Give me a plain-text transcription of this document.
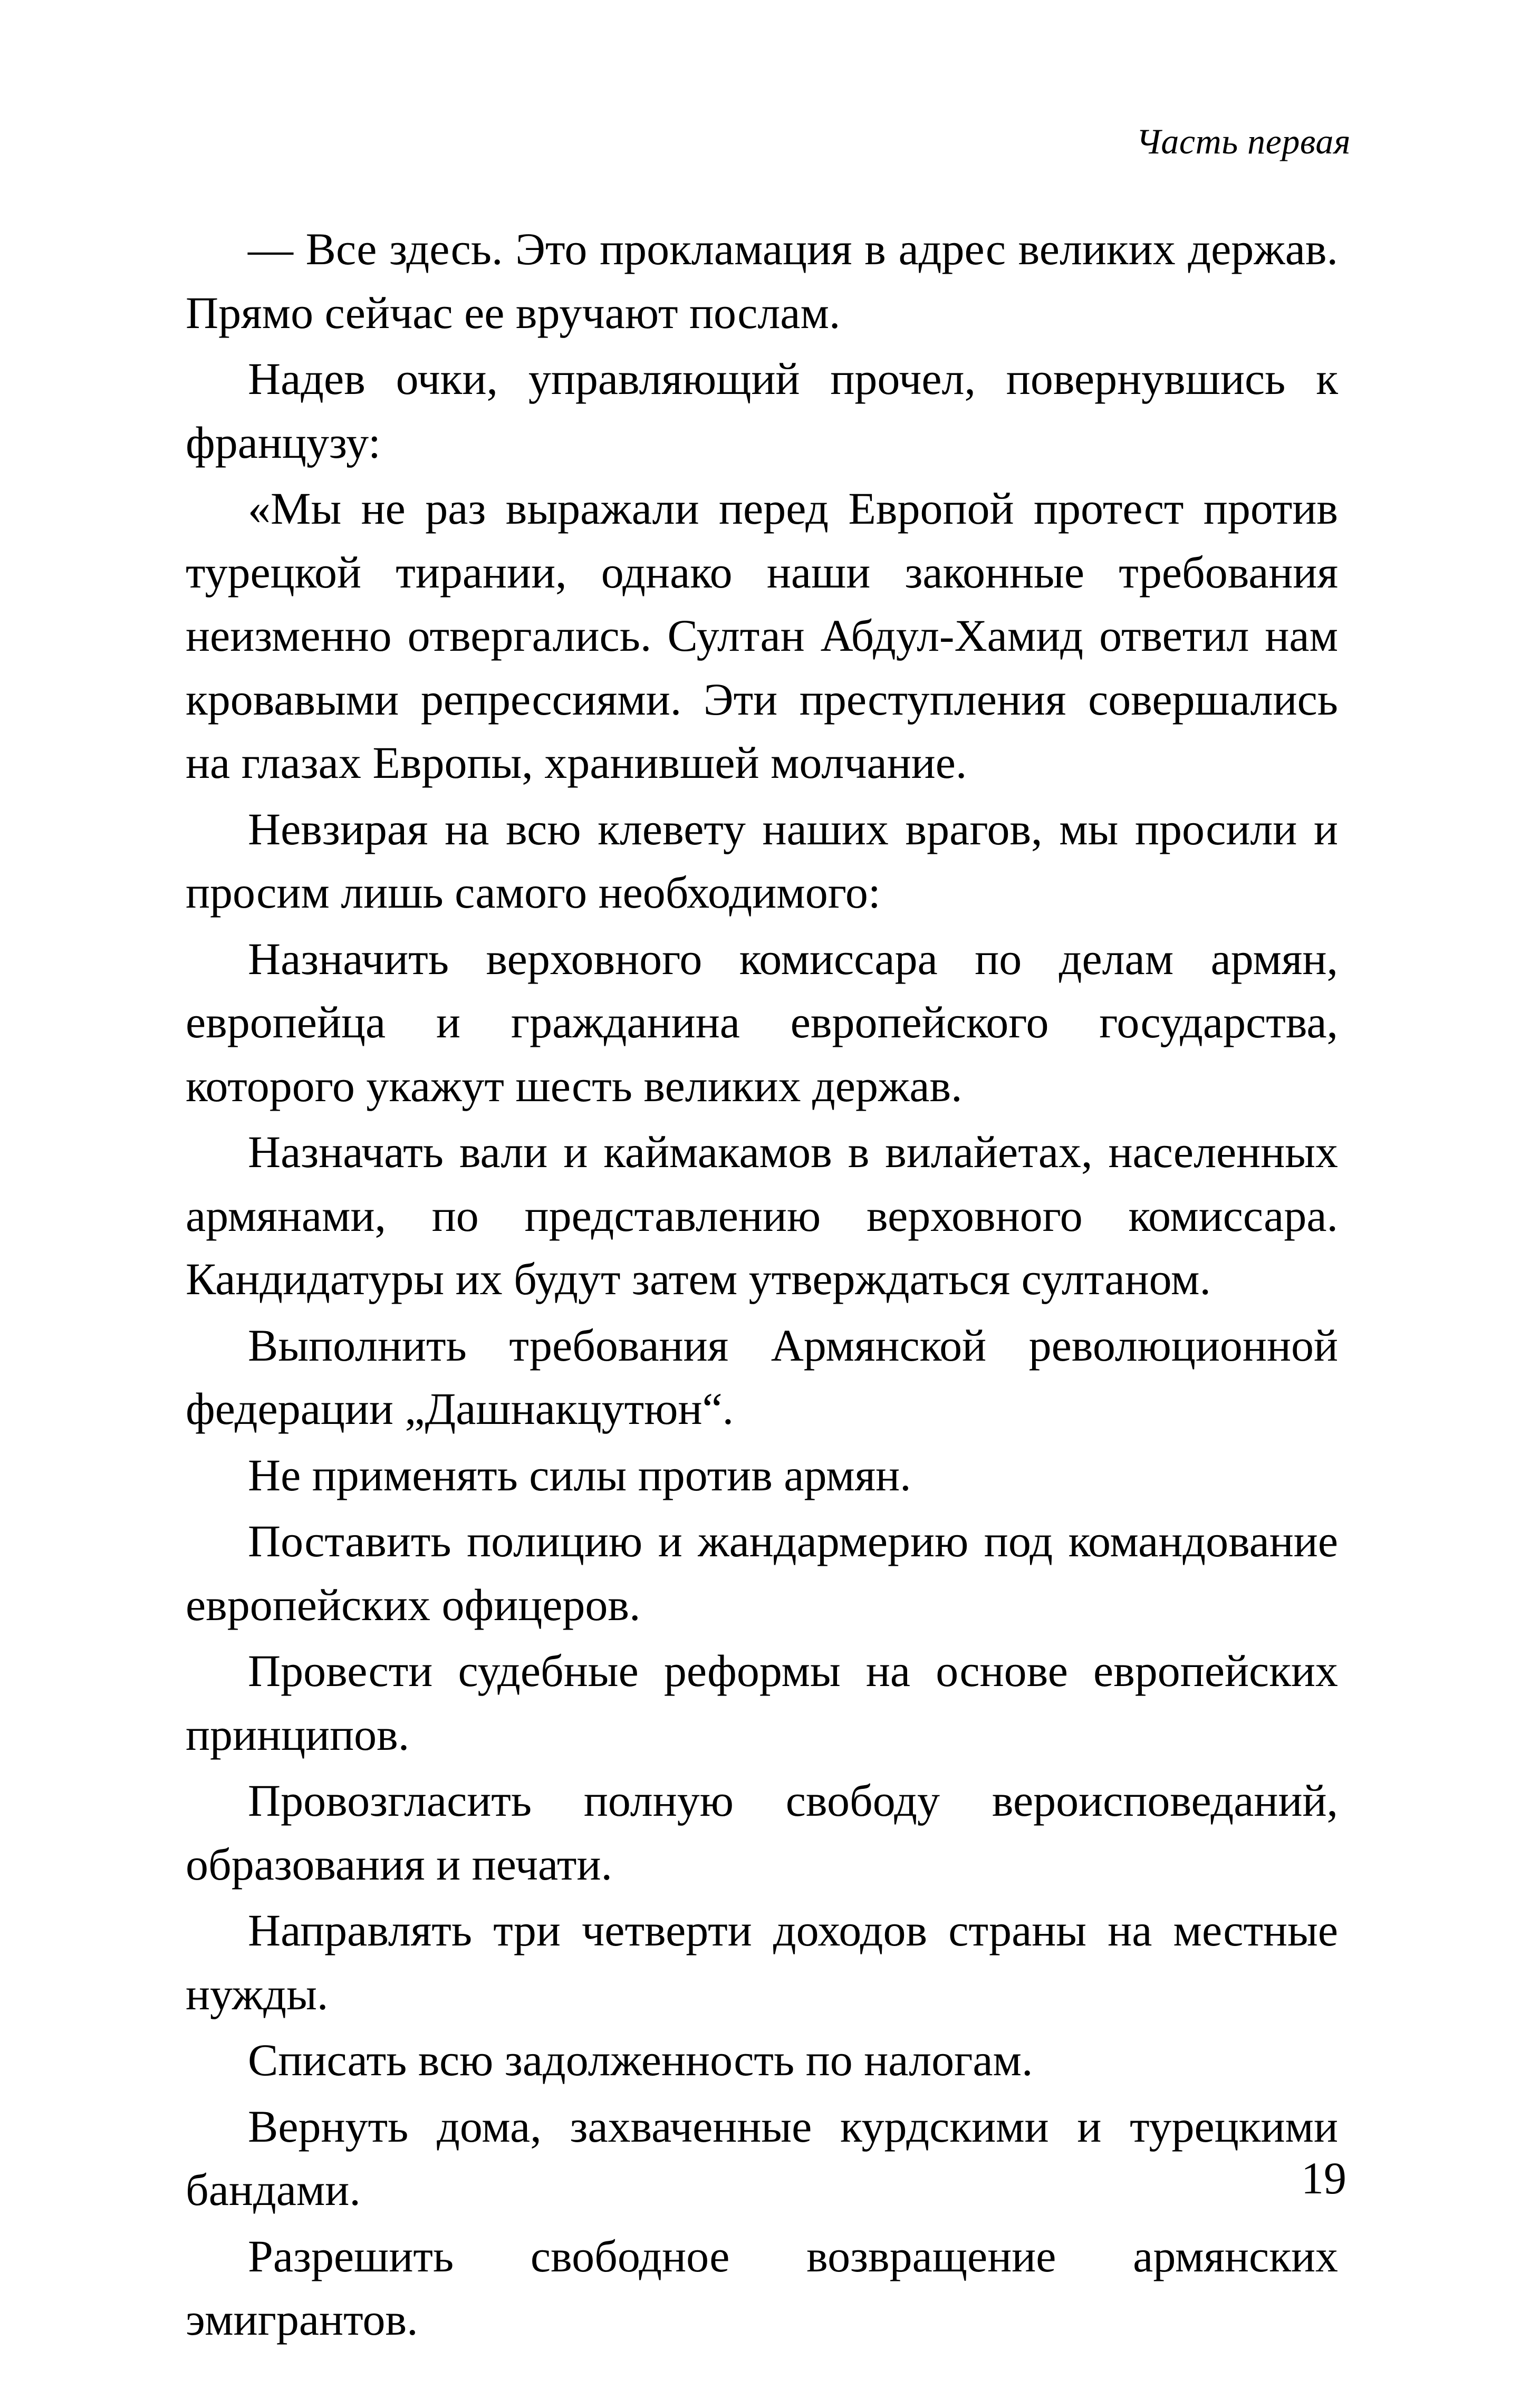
Часть первая

— Все здесь. Это прокламация в адрес великих держав. Прямо сейчас ее вручают послам.

Надев очки, управляющий прочел, повернувшись к французу:

«Мы не раз выражали перед Европой протест против турецкой тирании, однако наши законные требования неизменно отвергались. Султан Абдул-Хамид ответил нам кровавыми репрессиями. Эти преступления совершались на глазах Европы, хранившей молчание.

Невзирая на всю клевету наших врагов, мы просили и просим лишь самого необходимого:

Назначить верховного комиссара по делам армян, европейца и гражданина европейского государства, которого укажут шесть великих держав.

Назначать вали и каймакамов в вилайетах, населенных армянами, по представлению верховного комиссара. Кандидатуры их будут затем утверждаться султаном.

Выполнить требования Армянской революционной федерации „Дашнакцутюн“.

Не применять силы против армян.

Поставить полицию и жандармерию под командование европейских офицеров.

Провести судебные реформы на основе европейских принципов.

Провозгласить полную свободу вероисповеданий, образования и печати.

Направлять три четверти доходов страны на местные нужды.

Списать всю задолженность по налогам.

Вернуть дома, захваченные курдскими и турецкими бандами.

Разрешить свободное возвращение армянских эмигрантов.

19
